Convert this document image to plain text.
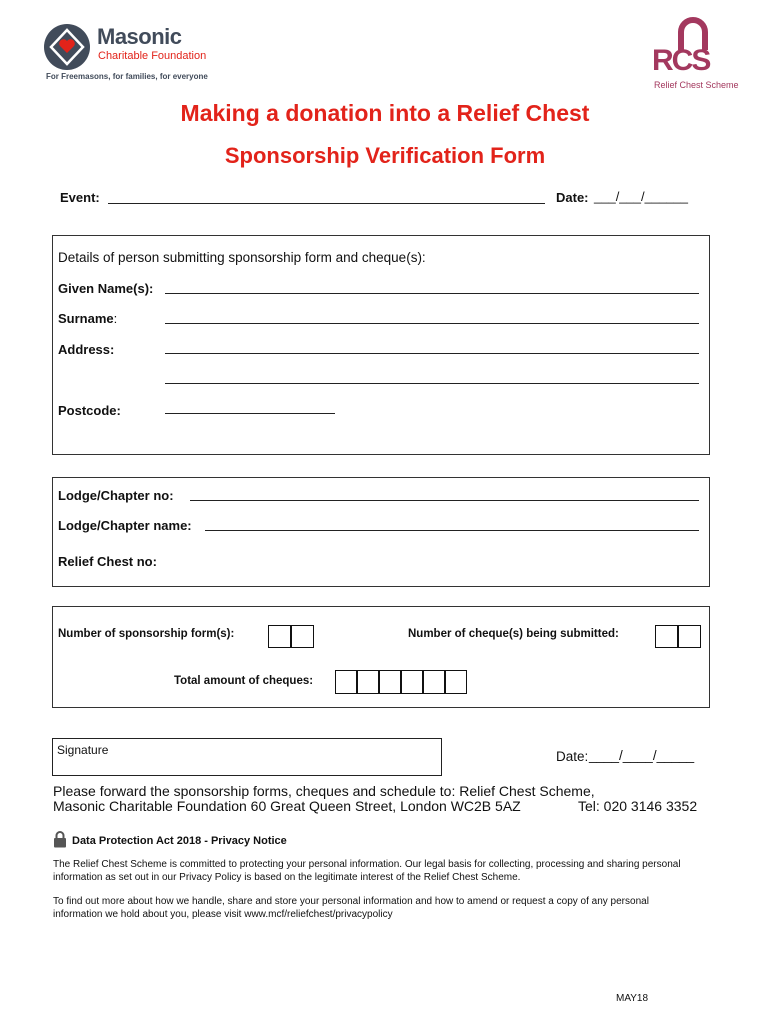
Masonic
Charitable Foundation
For Freemasons, for families, for everyone	RCS
Relief Chest Scheme
Making a donation into a Relief Chest
Sponsorship Verification Form
Event:	Date: ___/___/______
Details of person submitting sponsorship form and cheque(s):
Given Name(s):
Surname:
Address:
Postcode:
Lodge/Chapter no:
Lodge/Chapter name:
Relief Chest no:
Number of sponsorship form(s):	Number of cheque(s) being submitted:
Total amount of cheques:
Signature	Date: ____/____/_____
Please forward the sponsorship forms, cheques and schedule to: Relief Chest Scheme,
Masonic Charitable Foundation 60 Great Queen Street, London WC2B 5AZ	Tel: 020 3146 3352
Data Protection Act 2018 - Privacy Notice
The Relief Chest Scheme is committed to protecting your personal information. Our legal basis for collecting, processing and sharing personal information as set out in our Privacy Policy is based on the legitimate interest of the Relief Chest Scheme.
To find out more about how we handle, share and store your personal information and how to amend or request a copy of any personal information we hold about you, please visit www.mcf/reliefchest/privacypolicy
MAY18
